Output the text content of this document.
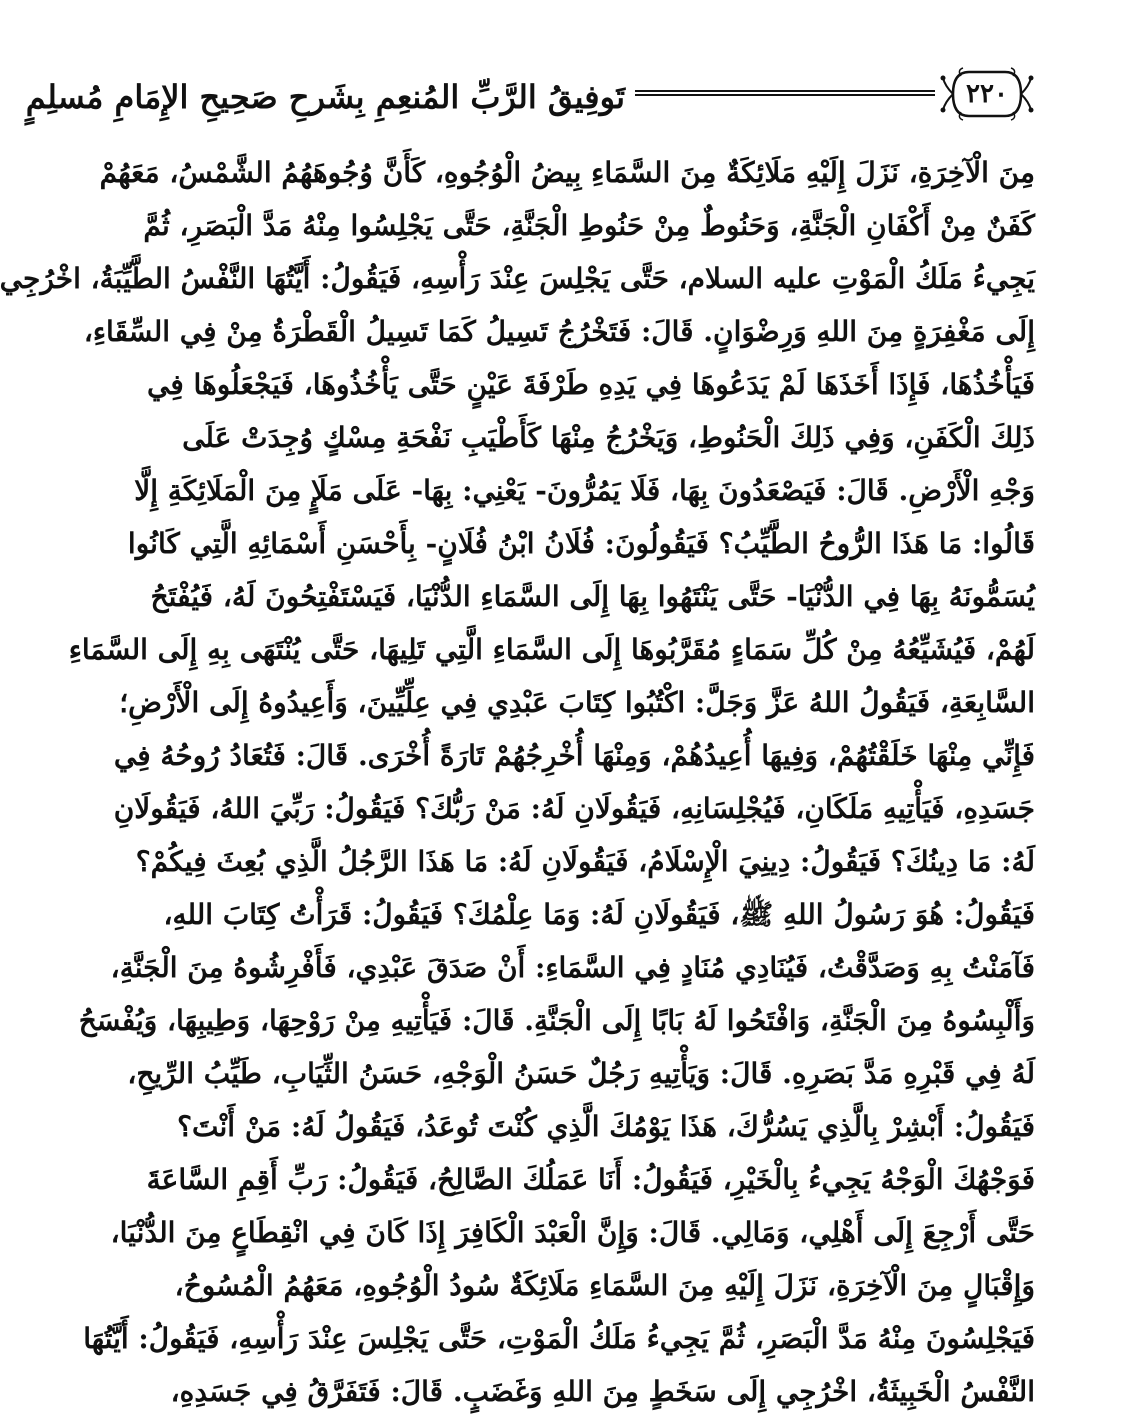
تَوفِيقُ الرَّبِّ المُنعِمِ بِشَرحِ صَحِيحِ الإِمَامِ مُسلِمٍ	٢٢٠
مِنَ الْآخِرَةِ، نَزَلَ إِلَيْهِ مَلَائِكَةٌ مِنَ السَّمَاءِ بِيضُ الْوُجُوهِ، كَأَنَّ وُجُوهَهُمُ الشَّمْسُ، مَعَهُمْ
كَفَنٌ مِنْ أَكْفَانِ الْجَنَّةِ، وَحَنُوطٌ مِنْ حَنُوطِ الْجَنَّةِ، حَتَّى يَجْلِسُوا مِنْهُ مَدَّ الْبَصَرِ، ثُمَّ
يَجِيءُ مَلَكُ الْمَوْتِ عليه السلام، حَتَّى يَجْلِسَ عِنْدَ رَأْسِهِ، فَيَقُولُ: أَيَّتُهَا النَّفْسُ الطَّيِّبَةُ، اخْرُجِي
إِلَى مَغْفِرَةٍ مِنَ اللهِ وَرِضْوَانٍ. قَالَ: فَتَخْرُجُ تَسِيلُ كَمَا تَسِيلُ الْقَطْرَةُ مِنْ فِي السِّقَاءِ،
فَيَأْخُذُهَا، فَإِذَا أَخَذَهَا لَمْ يَدَعُوهَا فِي يَدِهِ طَرْفَةَ عَيْنٍ حَتَّى يَأْخُذُوهَا، فَيَجْعَلُوهَا فِي
ذَلِكَ الْكَفَنِ، وَفِي ذَلِكَ الْحَنُوطِ، وَيَخْرُجُ مِنْهَا كَأَطْيَبِ نَفْحَةِ مِسْكٍ وُجِدَتْ عَلَى
وَجْهِ الْأَرْضِ. قَالَ: فَيَصْعَدُونَ بِهَا، فَلَا يَمُرُّونَ- يَعْنِي: بِهَا- عَلَى مَلَإٍ مِنَ الْمَلَائِكَةِ إِلَّا
قَالُوا: مَا هَذَا الرُّوحُ الطَّيِّبُ؟ فَيَقُولُونَ: فُلَانُ ابْنُ فُلَانٍ- بِأَحْسَنِ أَسْمَائِهِ الَّتِي كَانُوا
يُسَمُّونَهُ بِهَا فِي الدُّنْيَا- حَتَّى يَنْتَهُوا بِهَا إِلَى السَّمَاءِ الدُّنْيَا، فَيَسْتَفْتِحُونَ لَهُ، فَيُفْتَحُ
لَهُمْ، فَيُشَيِّعُهُ مِنْ كُلِّ سَمَاءٍ مُقَرَّبُوهَا إِلَى السَّمَاءِ الَّتِي تَلِيهَا، حَتَّى يُنْتَهَى بِهِ إِلَى السَّمَاءِ
السَّابِعَةِ، فَيَقُولُ اللهُ عَزَّ وَجَلَّ: اكْتُبُوا كِتَابَ عَبْدِي فِي عِلِّيِّينَ، وَأَعِيدُوهُ إِلَى الْأَرْضِ؛
فَإِنِّي مِنْهَا خَلَقْتُهُمْ، وَفِيهَا أُعِيدُهُمْ، وَمِنْهَا أُخْرِجُهُمْ تَارَةً أُخْرَى. قَالَ: فَتُعَادُ رُوحُهُ فِي
جَسَدِهِ، فَيَأْتِيهِ مَلَكَانِ، فَيُجْلِسَانِهِ، فَيَقُولَانِ لَهُ: مَنْ رَبُّكَ؟ فَيَقُولُ: رَبِّيَ اللهُ، فَيَقُولَانِ
لَهُ: مَا دِينُكَ؟ فَيَقُولُ: دِينِيَ الْإِسْلَامُ، فَيَقُولَانِ لَهُ: مَا هَذَا الرَّجُلُ الَّذِي بُعِثَ فِيكُمْ؟
فَيَقُولُ: هُوَ رَسُولُ اللهِ ﷺ، فَيَقُولَانِ لَهُ: وَمَا عِلْمُكَ؟ فَيَقُولُ: قَرَأْتُ كِتَابَ اللهِ،
فَآمَنْتُ بِهِ وَصَدَّقْتُ، فَيُنَادِي مُنَادٍ فِي السَّمَاءِ: أَنْ صَدَقَ عَبْدِي، فَأَفْرِشُوهُ مِنَ الْجَنَّةِ،
وَأَلْبِسُوهُ مِنَ الْجَنَّةِ، وَافْتَحُوا لَهُ بَابًا إِلَى الْجَنَّةِ. قَالَ: فَيَأْتِيهِ مِنْ رَوْحِهَا، وَطِيبِهَا، وَيُفْسَحُ
لَهُ فِي قَبْرِهِ مَدَّ بَصَرِهِ. قَالَ: وَيَأْتِيهِ رَجُلٌ حَسَنُ الْوَجْهِ، حَسَنُ الثِّيَابِ، طَيِّبُ الرِّيحِ،
فَيَقُولُ: أَبْشِرْ بِالَّذِي يَسُرُّكَ، هَذَا يَوْمُكَ الَّذِي كُنْتَ تُوعَدُ، فَيَقُولُ لَهُ: مَنْ أَنْتَ؟
فَوَجْهُكَ الْوَجْهُ يَجِيءُ بِالْخَيْرِ، فَيَقُولُ: أَنَا عَمَلُكَ الصَّالِحُ، فَيَقُولُ: رَبِّ أَقِمِ السَّاعَةَ
حَتَّى أَرْجِعَ إِلَى أَهْلِي، وَمَالِي. قَالَ: وَإِنَّ الْعَبْدَ الْكَافِرَ إِذَا كَانَ فِي انْقِطَاعٍ مِنَ الدُّنْيَا،
وَإِقْبَالٍ مِنَ الْآخِرَةِ، نَزَلَ إِلَيْهِ مِنَ السَّمَاءِ مَلَائِكَةٌ سُودُ الْوُجُوهِ، مَعَهُمُ الْمُسُوحُ،
فَيَجْلِسُونَ مِنْهُ مَدَّ الْبَصَرِ، ثُمَّ يَجِيءُ مَلَكُ الْمَوْتِ، حَتَّى يَجْلِسَ عِنْدَ رَأْسِهِ، فَيَقُولُ: أَيَّتُهَا
النَّفْسُ الْخَبِيثَةُ، اخْرُجِي إِلَى سَخَطٍ مِنَ اللهِ وَغَضَبٍ. قَالَ: فَتَفَرَّقُ فِي جَسَدِهِ،
